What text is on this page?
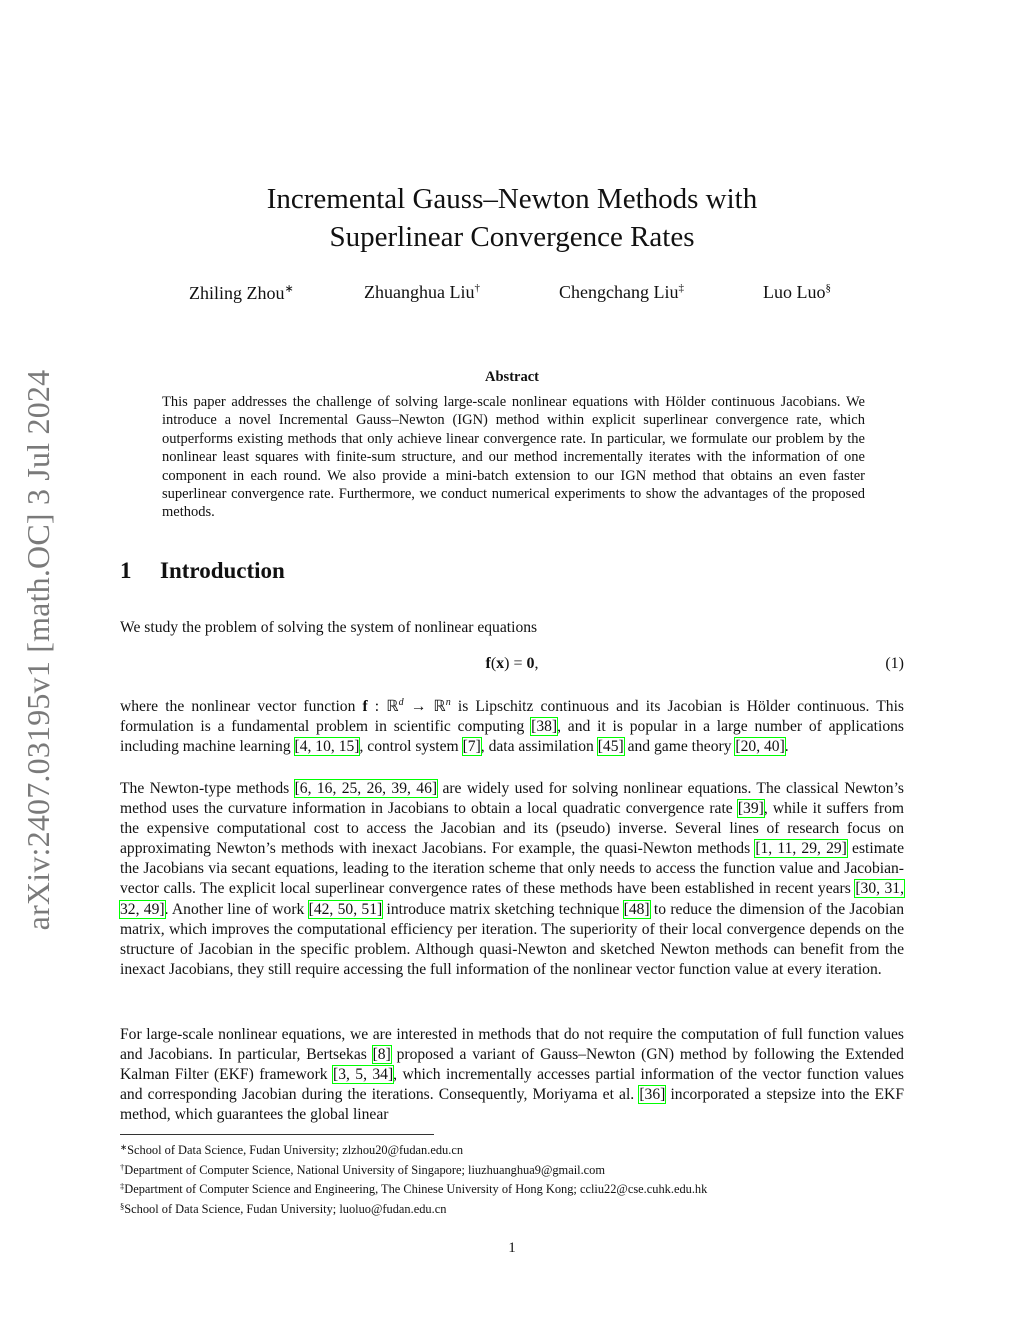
arXiv:2407.03195v1 [math.OC] 3 Jul 2024
Incremental Gauss–Newton Methods with
Superlinear Convergence Rates
Zhiling Zhou∗	Zhuanghua Liu†	Chengchang Liu‡	Luo Luo§
Abstract
This paper addresses the challenge of solving large-scale nonlinear equations with Hölder continuous Jacobians. We introduce a novel Incremental Gauss–Newton (IGN) method within explicit superlinear convergence rate, which outperforms existing methods that only achieve linear convergence rate. In particular, we formulate our problem by the nonlinear least squares with finite-sum structure, and our method incrementally iterates with the information of one component in each round. We also provide a mini-batch extension to our IGN method that obtains an even faster superlinear convergence rate. Furthermore, we conduct numerical experiments to show the advantages of the proposed methods.
1 Introduction
We study the problem of solving the system of nonlinear equations
f(x) = 0,	(1)
where the nonlinear vector function f : ℝ$^d$ → ℝ$^n$ is Lipschitz continuous and its Jacobian is Hölder continuous. This formulation is a fundamental problem in scientific computing [38], and it is popular in a large number of applications including machine learning [4, 10, 15], control system [7], data assimilation [45] and game theory [20, 40].
The Newton-type methods [6, 16, 25, 26, 39, 46] are widely used for solving nonlinear equations. The classical Newton’s method uses the curvature information in Jacobians to obtain a local quadratic convergence rate [39], while it suffers from the expensive computational cost to access the Jacobian and its (pseudo) inverse. Several lines of research focus on approximating Newton’s methods with inexact Jacobians. For example, the quasi-Newton methods [1, 11, 29, 29] estimate the Jacobians via secant equations, leading to the iteration scheme that only needs to access the function value and Jacobian-vector calls. The explicit local superlinear convergence rates of these methods have been established in recent years [30, 31, 32, 49]. Another line of work [42, 50, 51] introduce matrix sketching technique [48] to reduce the dimension of the Jacobian matrix, which improves the computational efficiency per iteration. The superiority of their local convergence depends on the structure of Jacobian in the specific problem. Although quasi-Newton and sketched Newton methods can benefit from the inexact Jacobians, they still require accessing the full information of the nonlinear vector function value at every iteration.
For large-scale nonlinear equations, we are interested in methods that do not require the computation of full function values and Jacobians. In particular, Bertsekas [8] proposed a variant of Gauss–Newton (GN) method by following the Extended Kalman Filter (EKF) framework [3, 5, 34], which incrementally accesses partial information of the vector function values and corresponding Jacobian during the iterations. Consequently, Moriyama et al. [36] incorporated a stepsize into the EKF method, which guarantees the global linear
∗School of Data Science, Fudan University; zlzhou20@fudan.edu.cn
†Department of Computer Science, National University of Singapore; liuzhuanghua9@gmail.com
‡Department of Computer Science and Engineering, The Chinese University of Hong Kong; ccliu22@cse.cuhk.edu.hk
§School of Data Science, Fudan University; luoluo@fudan.edu.cn
1
